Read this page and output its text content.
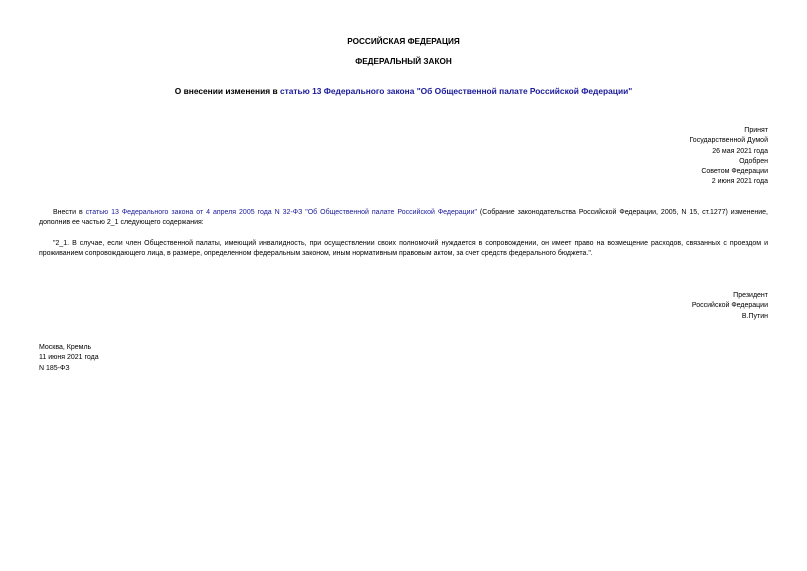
РОССИЙСКАЯ ФЕДЕРАЦИЯ
ФЕДЕРАЛЬНЫЙ ЗАКОН
О внесении изменения в статью 13 Федерального закона "Об Общественной палате Российской Федерации"
Принят
Государственной Думой
26 мая 2021 года
Одобрен
Советом Федерации
2 июня 2021 года
Внести в статью 13 Федерального закона от 4 апреля 2005 года N 32-ФЗ "Об Общественной палате Российской Федерации" (Собрание законодательства Российской Федерации, 2005, N 15, ст.1277) изменение, дополнив ее частью 2_1 следующего содержания:
"2_1. В случае, если член Общественной палаты, имеющий инвалидность, при осуществлении своих полномочий нуждается в сопровождении, он имеет право на возмещение расходов, связанных с проездом и проживанием сопровождающего лица, в размере, определенном федеральным законом, иным нормативным правовым актом, за счет средств федерального бюджета.".
Президент
Российской Федерации
В.Путин
Москва, Кремль
11 июня 2021 года
N 185-ФЗ
